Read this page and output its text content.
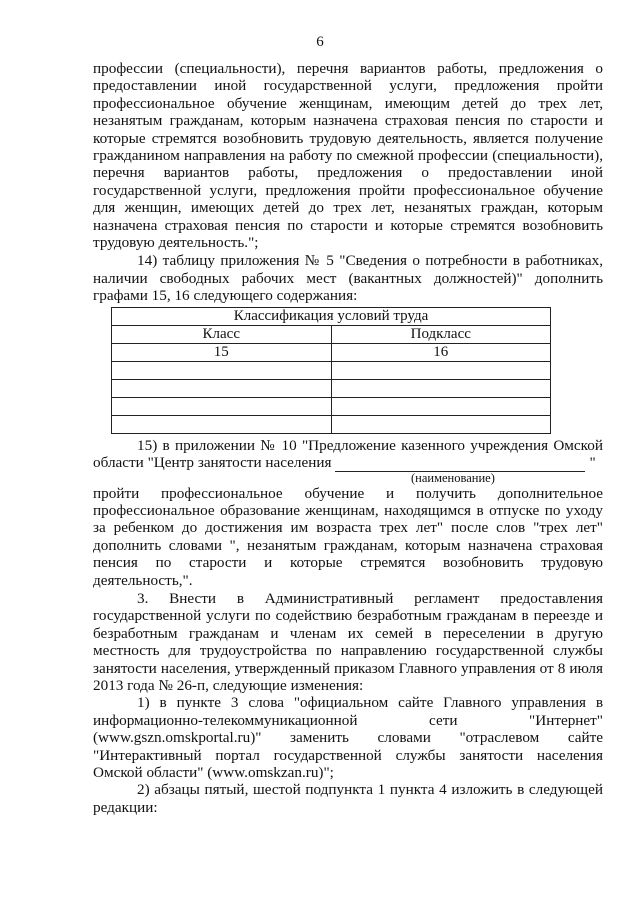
6

профессии (специальности), перечня вариантов работы, предложения о предоставлении иной государственной услуги, предложения пройти профессиональное обучение женщинам, имеющим детей до трех лет, незанятым гражданам, которым назначена страховая пенсия по старости и которые стремятся возобновить трудовую деятельность, является получение гражданином направления на работу по смежной профессии (специальности), перечня вариантов работы, предложения о предоставлении иной государственной услуги, предложения пройти профессиональное обучение для женщин, имеющих детей до трех лет, незанятых граждан, которым назначена страховая пенсия по старости и которые стремятся возобновить трудовую деятельность.";

14) таблицу приложения № 5 "Сведения о потребности в работниках, наличии свободных рабочих мест (вакантных должностей)" дополнить графами 15, 16 следующего содержания:

Классификация условий труда	
Класс	Подкласс
15	16

15) в приложении № 10 "Предложение казенного учреждения Омской области "Центр занятости населения	"

(наименование)

пройти профессиональное обучение и получить дополнительное профессиональное образование женщинам, находящимся в отпуске по уходу за ребенком до достижения им возраста трех лет" после слов "трех лет" дополнить словами ", незанятым гражданам, которым назначена страховая пенсия по старости и которые стремятся возобновить трудовую деятельность,".

3. Внести в Административный регламент предоставления государственной услуги по содействию безработным гражданам в переезде и безработным гражданам и членам их семей в переселении в другую местность для трудоустройства по направлению государственной службы занятости населения, утвержденный приказом Главного управления от 8 июля 2013 года № 26-п, следующие изменения:

1) в пункте 3 слова "официальном сайте Главного управления в информационно-телекоммуникационной сети "Интернет" (www.gszn.omskportal.ru)" заменить словами "отраслевом сайте "Интерактивный портал государственной службы занятости населения Омской области" (www.omskzan.ru)";

2) абзацы пятый, шестой подпункта 1 пункта 4 изложить в следующей редакции:
